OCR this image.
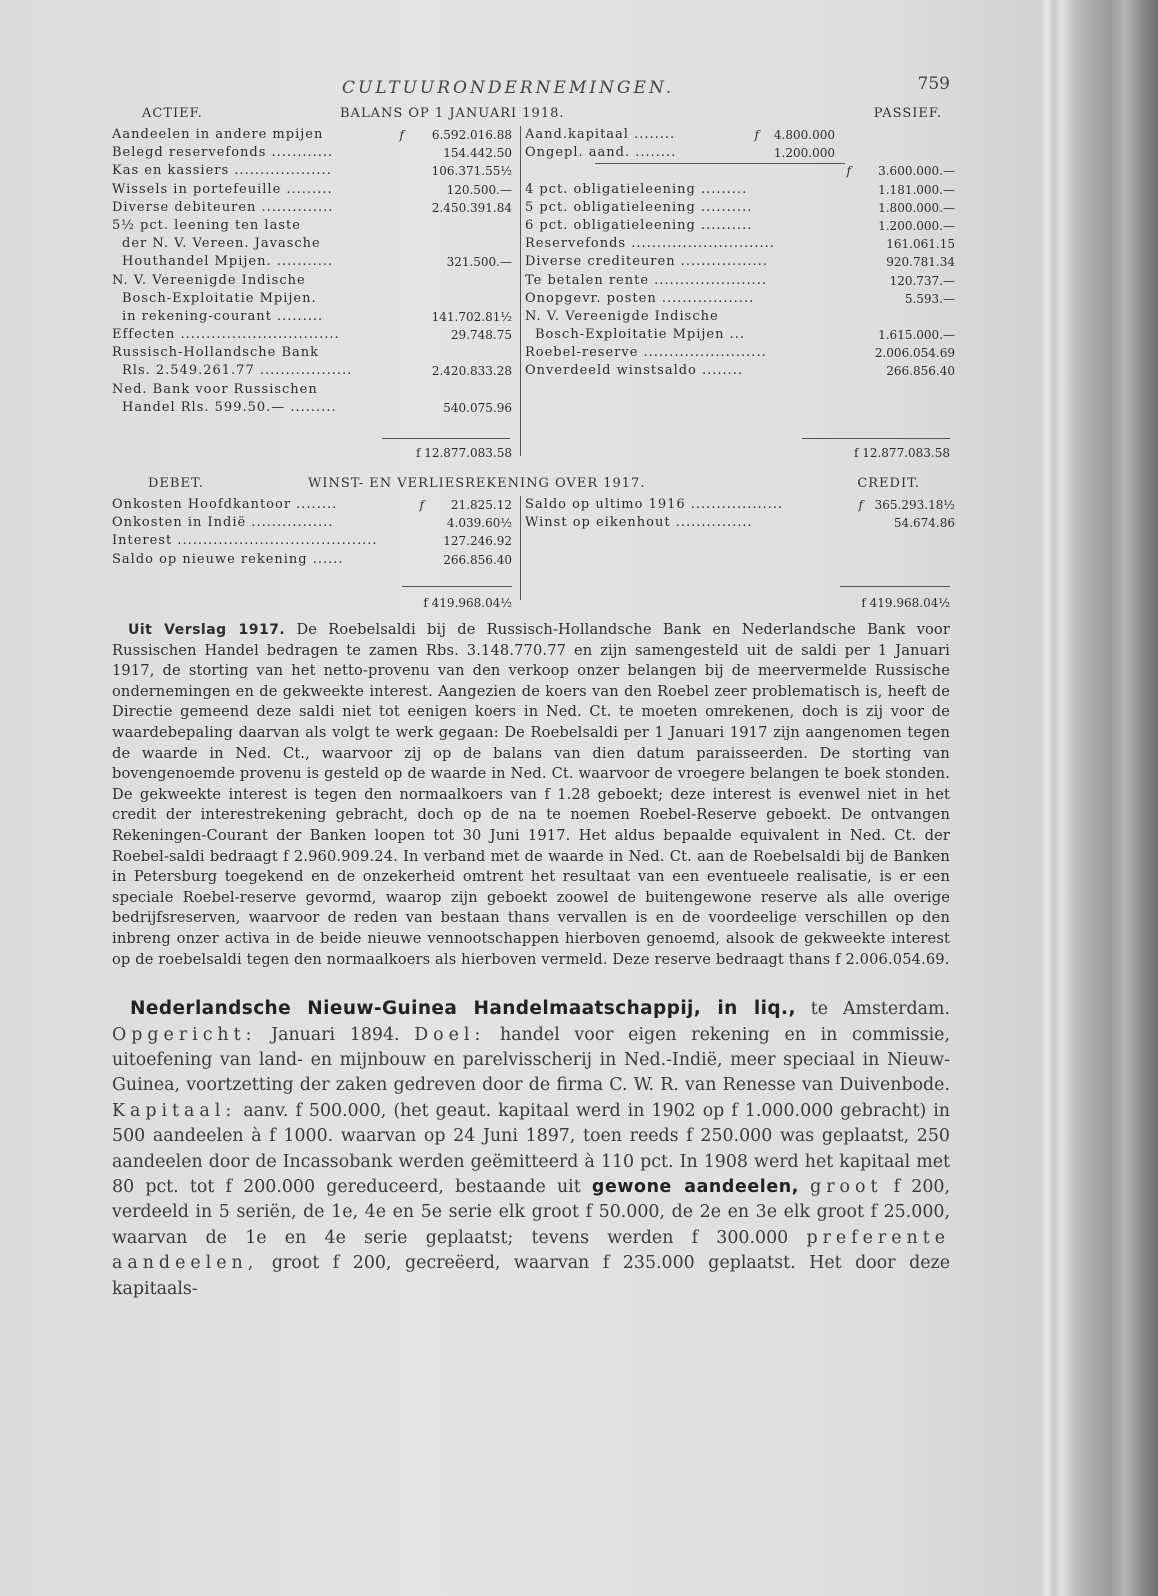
CULTUURONDERNEMINGEN.	759
ACTIEF.	BALANS OP 1 JANUARI 1918.	PASSIEF.
Aandeelen in andere mpijen	f 6.592.016.88
Belegd reservefonds ............	154.442.50
Kas en kassiers ...................	106.371.55½
Wissels in portefeuille .........	120.500.—
Diverse debiteuren ..............	2.450.391.84
5½ pct. leening ten laste
der N. V. Vereen. Javasche
Houthandel Mpijen. ...........	321.500.—
N. V. Vereenigde Indische
Bosch-Exploitatie Mpijen.
in rekening-courant .........	141.702.81½
Effecten ...............................	29.748.75
Russisch-Hollandsche Bank
Rls. 2.549.261.77 ..................	2.420.833.28
Ned. Bank voor Russischen
Handel Rls. 599.50.— .........	540.075.96
Aand.kapitaal ........	f 4.800.000
Ongepl. aand. ........	1.200.000
f 3.600.000.—
4 pct. obligatieleening .........	1.181.000.—
5 pct. obligatieleening ..........	1.800.000.—
6 pct. obligatieleening ..........	1.200.000.—
Reservefonds ............................	161.061.15
Diverse crediteuren .................	920.781.34
Te betalen rente ......................	120.737.—
Onopgevr. posten ..................	5.593.—
N. V. Vereenigde Indische
Bosch-Exploitatie Mpijen ...	1.615.000.—
Roebel-reserve ........................	2.006.054.69
Onverdeeld winstsaldo ........	266.856.40
f 12.877.083.58	f 12.877.083.58
DEBET.	WINST- EN VERLIESREKENING OVER 1917.	CREDIT.
Onkosten Hoofdkantoor ........	f 21.825.12
Onkosten in Indië ................	4.039.60½
Interest .......................................	127.246.92
Saldo op nieuwe rekening ......	266.856.40
Saldo op ultimo 1916 ..................	f 365.293.18½
Winst op eikenhout ...............	54.674.86
f 419.968.04½	f 419.968.04½

Uit Verslag 1917. De Roebelsaldi bij de Russisch-Hollandsche Bank en Nederlandsche Bank voor Russischen Handel bedragen te zamen Rbs. 3.148.770.77 en zijn samengesteld uit de saldi per 1 Januari 1917, de storting van het netto-provenu van den verkoop onzer belangen bij de meervermelde Russische ondernemingen en de gekweekte interest. Aangezien de koers van den Roebel zeer problematisch is, heeft de Directie gemeend deze saldi niet tot eenigen koers in Ned. Ct. te moeten omrekenen, doch is zij voor de waardebepaling daarvan als volgt te werk gegaan: De Roebelsaldi per 1 Januari 1917 zijn aangenomen tegen de waarde in Ned. Ct., waarvoor zij op de balans van dien datum paraisseerden. De storting van bovengenoemde provenu is gesteld op de waarde in Ned. Ct. waarvoor de vroegere belangen te boek stonden. De gekweekte interest is tegen den normaalkoers van f 1.28 geboekt; deze interest is evenwel niet in het credit der interestrekening gebracht, doch op de na te noemen Roebel-Reserve geboekt. De ontvangen Rekeningen-Courant der Banken loopen tot 30 Juni 1917. Het aldus bepaalde equivalent in Ned. Ct. der Roebel-saldi bedraagt f 2.960.909.24. In verband met de waarde in Ned. Ct. aan de Roebelsaldi bij de Banken in Petersburg toegekend en de onzekerheid omtrent het resultaat van een eventueele realisatie, is er een speciale Roebel-reserve gevormd, waarop zijn geboekt zoowel de buitengewone reserve als alle overige bedrijfsreserven, waarvoor de reden van bestaan thans vervallen is en de voordeelige verschillen op den inbreng onzer activa in de beide nieuwe vennootschappen hierboven genoemd, alsook de gekweekte interest op de roebelsaldi tegen den normaalkoers als hierboven vermeld. Deze reserve bedraagt thans f 2.006.054.69.

Nederlandsche Nieuw-Guinea Handelmaatschappij, in liq., te Amsterdam. Opgericht: Januari 1894. Doel: handel voor eigen rekening en in commissie, uitoefening van land- en mijnbouw en parelvisscherij in Ned.-Indië, meer speciaal in Nieuw-Guinea, voortzetting der zaken gedreven door de firma C. W. R. van Renesse van Duivenbode. Kapitaal: aanv. f 500.000, (het geaut. kapitaal werd in 1902 op f 1.000.000 gebracht) in 500 aandeelen à f 1000. waarvan op 24 Juni 1897, toen reeds f 250.000 was geplaatst, 250 aandeelen door de Incassobank werden geëmitteerd à 110 pct. In 1908 werd het kapitaal met 80 pct. tot f 200.000 gereduceerd, bestaande uit gewone aandeelen, groot f 200, verdeeld in 5 seriën, de 1e, 4e en 5e serie elk groot f 50.000, de 2e en 3e elk groot f 25.000, waarvan de 1e en 4e serie geplaatst; tevens werden f 300.000 preferente aandeelen, groot f 200, gecreëerd, waarvan f 235.000 geplaatst. Het door deze kapitaals-
